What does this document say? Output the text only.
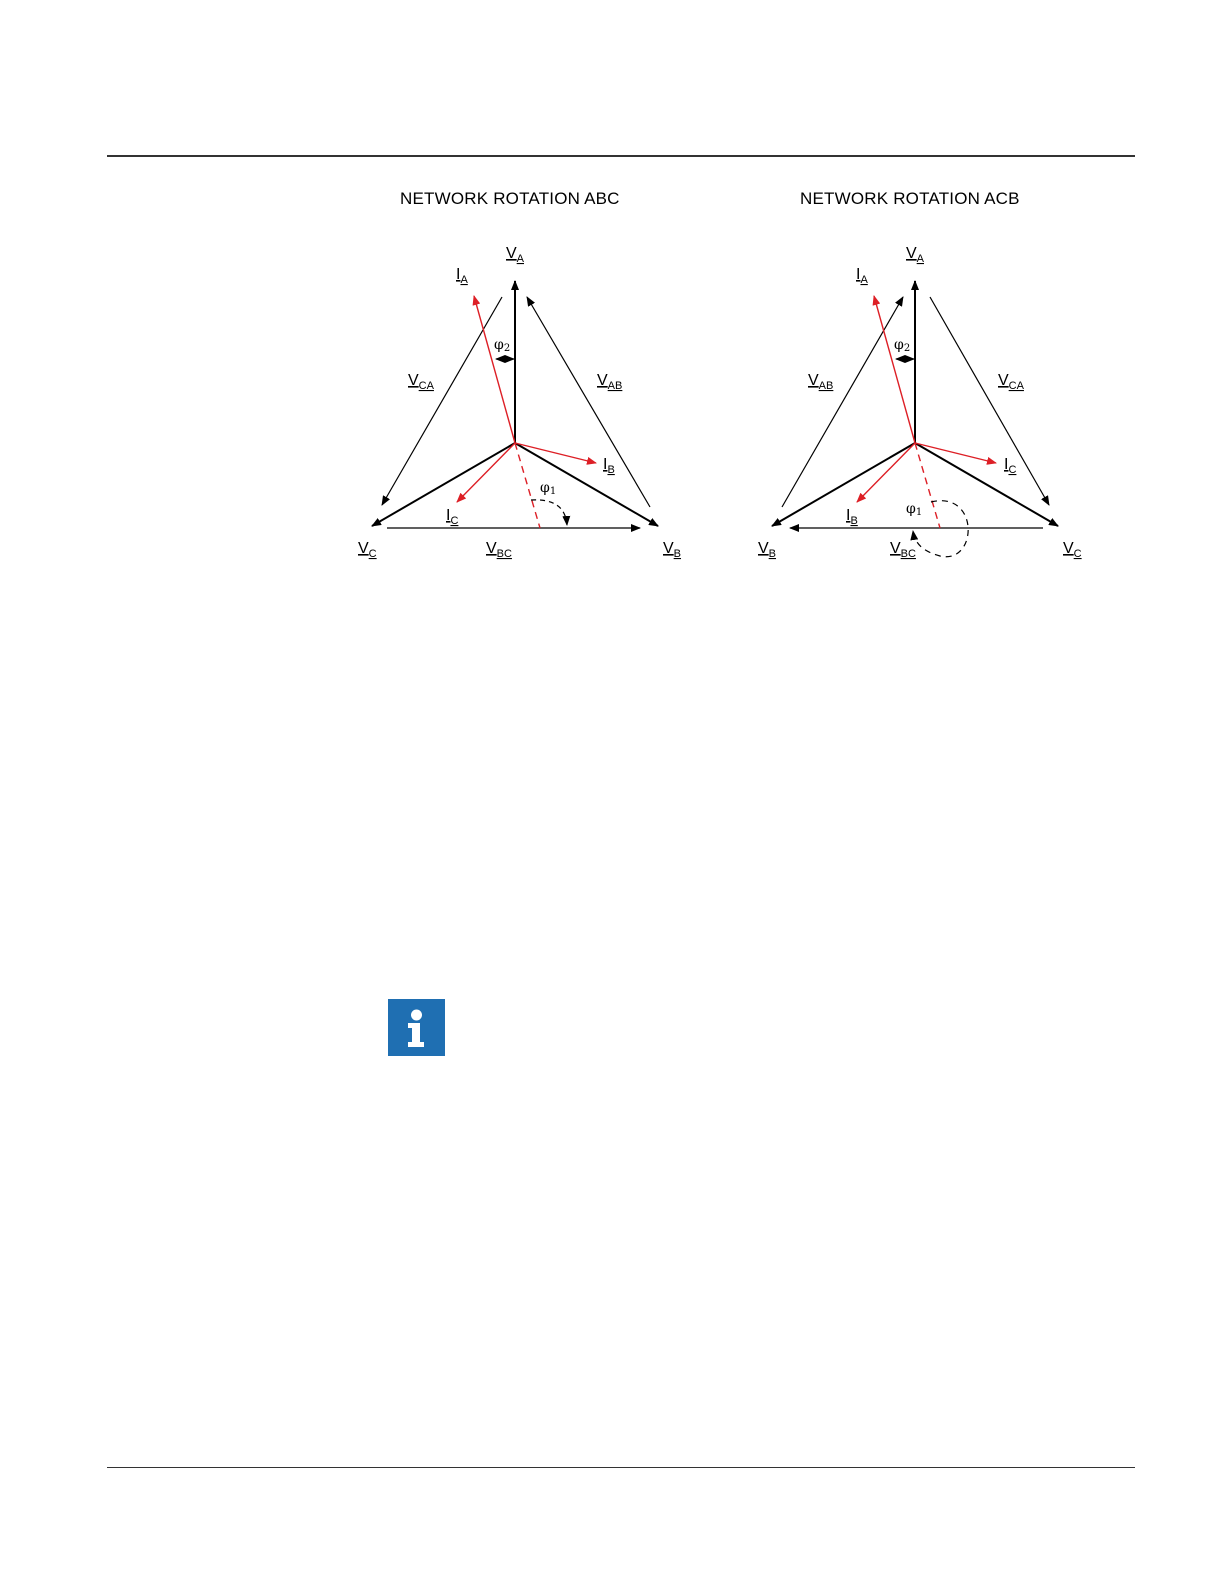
NETWORK ROTATION ABC	NETWORK ROTATION ACB
$V_A$
$I_A$
φ2
$V_{CA}$	$V_{AB}$
$I_B$
φ1
$I_C$
$V_C$	$V_{BC}$	$V_B$
$V_A$
$I_A$
φ2
$V_{AB}$	$V_{CA}$
$I_C$
φ1
$I_B$
$V_B$	$V_{BC}$	$V_C$
